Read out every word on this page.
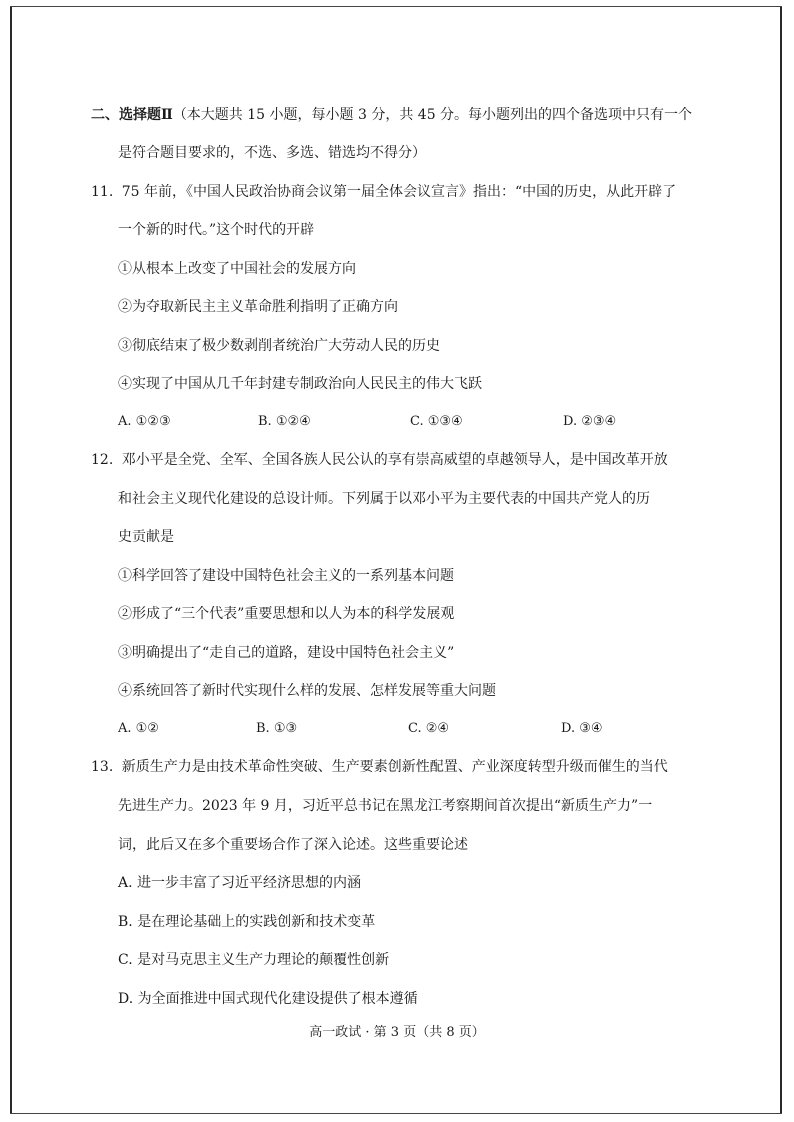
二、选择题Ⅱ（本大题共 15 小题，每小题 3 分，共 45 分。每小题列出的四个备选项中只有一个
是符合题目要求的，不选、多选、错选均不得分）
11. 75 年前，《中国人民政治协商会议第一届全体会议宣言》指出：“中国的历史，从此开辟了
一个新的时代。”这个时代的开辟
①从根本上改变了中国社会的发展方向
②为夺取新民主主义革命胜利指明了正确方向
③彻底结束了极少数剥削者统治广大劳动人民的历史
④实现了中国从几千年封建专制政治向人民民主的伟大飞跃
A. ①②③	B. ①②④	C. ①③④	D. ②③④
12. 邓小平是全党、全军、全国各族人民公认的享有崇高威望的卓越领导人，是中国改革开放
和社会主义现代化建设的总设计师。下列属于以邓小平为主要代表的中国共产党人的历
史贡献是
①科学回答了建设中国特色社会主义的一系列基本问题
②形成了“三个代表”重要思想和以人为本的科学发展观
③明确提出了“走自己的道路，建设中国特色社会主义”
④系统回答了新时代实现什么样的发展、怎样发展等重大问题
A. ①②	B. ①③	C. ②④	D. ③④
13. 新质生产力是由技术革命性突破、生产要素创新性配置、产业深度转型升级而催生的当代
先进生产力。2023 年 9 月，习近平总书记在黑龙江考察期间首次提出“新质生产力”一
词，此后又在多个重要场合作了深入论述。这些重要论述
A. 进一步丰富了习近平经济思想的内涵
B. 是在理论基础上的实践创新和技术变革
C. 是对马克思主义生产力理论的颠覆性创新
D. 为全面推进中国式现代化建设提供了根本遵循
高一政试 · 第 3 页（共 8 页）
